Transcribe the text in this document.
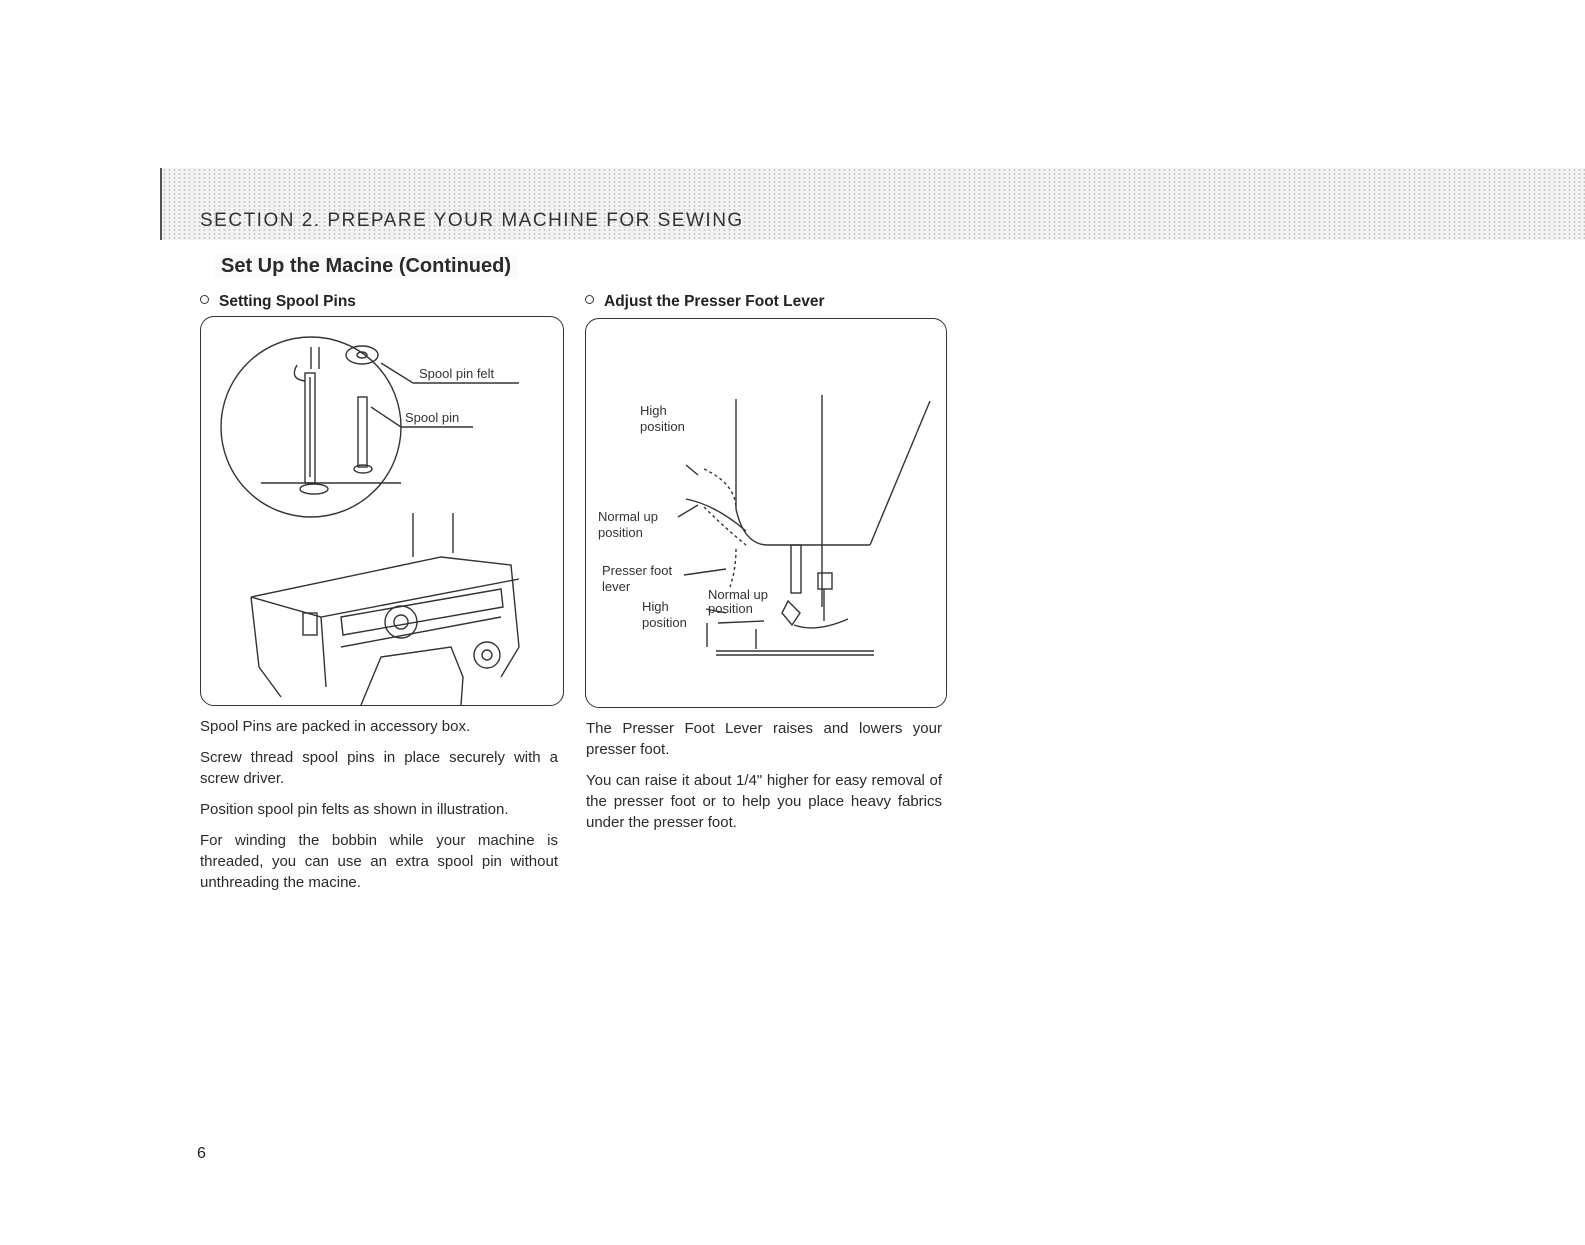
SECTION 2. PREPARE YOUR MACHINE FOR SEWING
Set Up the Macine (Continued)
Setting Spool Pins	Adjust the Presser Foot Lever
Spool pin felt
Spool pin	High
position
Normal up
position
Presser foot
lever
Normal up
position
High
position

Spool Pins are packed in accessory box.

Screw thread spool pins in place securely with a screw driver.

Position spool pin felts as shown in illustration.

For winding the bobbin while your machine is threaded, you can use an extra spool pin without unthreading the macine.

The Presser Foot Lever raises and lowers your presser foot.

You can raise it about 1/4" higher for easy removal of the presser foot or to help you place heavy fabrics under the presser foot.

6
